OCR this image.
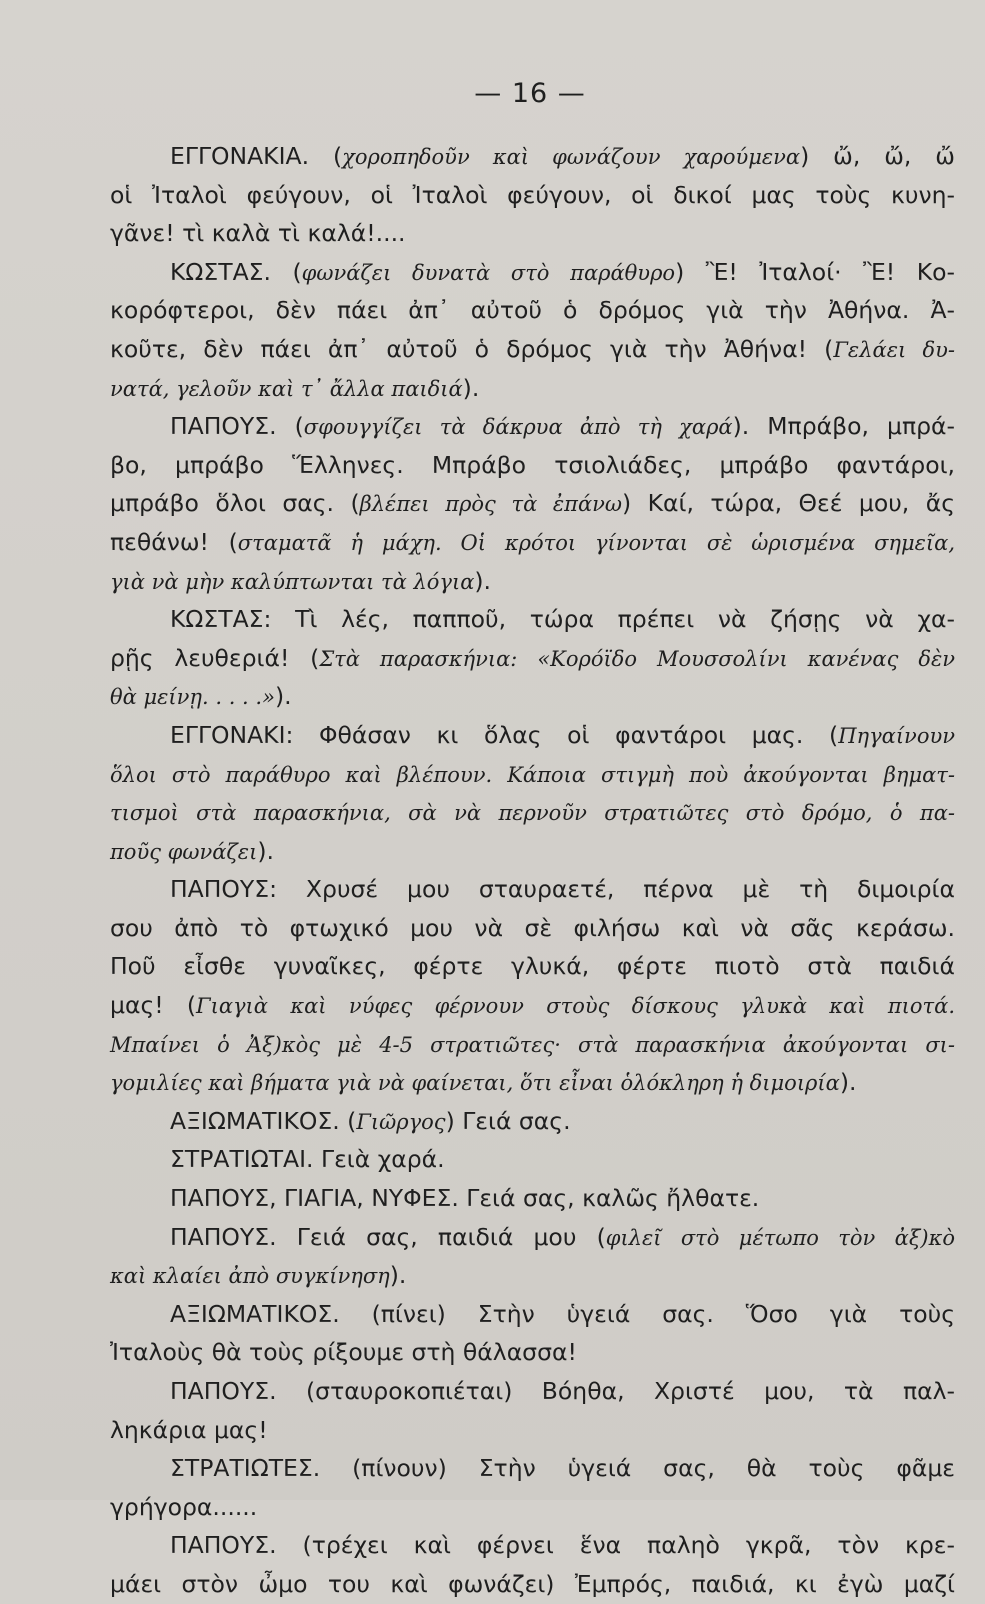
— 16 —
ΕΓΓΟΝΑΚΙΑ. (χοροπηδοῦν καὶ φωνάζουν χαρούμενα) ὤ, ὤ, ὤ
οἱ Ἰταλοὶ φεύγουν, οἱ Ἰταλοὶ φεύγουν, οἱ δικοί μας τοὺς κυνη-
γᾶνε! τὶ καλὰ τὶ καλά!....
ΚΩΣΤΑΣ. (φωνάζει δυνατὰ στὸ παράθυρο) Ἒ! Ἰταλοί· Ἒ! Κο-
κορόφτεροι, δὲν πάει ἀπ᾽ αὐτοῦ ὁ δρόμος γιὰ τὴν Ἀθήνα. Ἀ-
κοῦτε, δὲν πάει ἀπ᾽ αὐτοῦ ὁ δρόμος γιὰ τὴν Ἀθήνα! (Γελάει δυ-
νατά, γελοῦν καὶ τ᾽ ἄλλα παιδιά).
ΠΑΠΟΥΣ. (σφουγγίζει τὰ δάκρυα ἀπὸ τὴ χαρά). Μπράβο, μπρά-
βο, μπράβο Ἕλληνες. Μπράβο τσιολιάδες, μπράβο φαντάροι,
μπράβο ὅλοι σας. (βλέπει πρὸς τὰ ἐπάνω) Καί, τώρα, Θεέ μου, ἄς
πεθάνω! (σταματᾶ ἡ μάχη. Οἱ κρότοι γίνονται σὲ ὡρισμένα σημεῖα,
γιὰ νὰ μὴν καλύπτωνται τὰ λόγια).
ΚΩΣΤΑΣ: Τὶ λές, παπποῦ, τώρα πρέπει νὰ ζήσῃς νὰ χα-
ρῇς λευθεριά! (Στὰ παρασκήνια: «Κορόϊδο Μουσσολίνι κανένας δὲν
θὰ μείνῃ. . . . .»).
ΕΓΓΟΝΑΚΙ: Φθάσαν κι ὅλας οἱ φαντάροι μας. (Πηγαίνουν
ὅλοι στὸ παράθυρο καὶ βλέπουν. Κάποια στιγμὴ ποὺ ἀκούγονται βηματ-
τισμοὶ στὰ παρασκήνια, σὰ νὰ περνοῦν στρατιῶτες στὸ δρόμο, ὁ πα-
ποῦς φωνάζει).
ΠΑΠΟΥΣ: Χρυσέ μου σταυραετέ, πέρνα μὲ τὴ διμοιρία
σου ἀπὸ τὸ φτωχικό μου νὰ σὲ φιλήσω καὶ νὰ σᾶς κεράσω.
Ποῦ εἶσθε γυναῖκες, φέρτε γλυκά, φέρτε πιοτὸ στὰ παιδιά
μας! (Γιαγιὰ καὶ νύφες φέρνουν στοὺς δίσκους γλυκὰ καὶ πιοτά.
Μπαίνει ὁ Ἀξ)κὸς μὲ 4-5 στρατιῶτες· στὰ παρασκήνια ἀκούγονται σι-
γομιλίες καὶ βήματα γιὰ νὰ φαίνεται, ὅτι εἶναι ὁλόκληρη ἡ διμοιρία).
ΑΞΙΩΜΑΤΙΚΟΣ. (Γιῶργος) Γειά σας.
ΣΤΡΑΤΙΩΤΑΙ. Γειὰ χαρά.
ΠΑΠΟΥΣ, ΓΙΑΓΙΑ, ΝΥΦΕΣ. Γειά σας, καλῶς ἤλθατε.
ΠΑΠΟΥΣ. Γειά σας, παιδιά μου (φιλεῖ στὸ μέτωπο τὸν ἀξ)κὸ
καὶ κλαίει ἀπὸ συγκίνηση).
ΑΞΙΩΜΑΤΙΚΟΣ. (πίνει) Στὴν ὑγειά σας. Ὅσο γιὰ τοὺς
Ἰταλοὺς θὰ τοὺς ρίξουμε στὴ θάλασσα!
ΠΑΠΟΥΣ. (σταυροκοπιέται) Βόηθα, Χριστέ μου, τὰ παλ-
ληκάρια μας!
ΣΤΡΑΤΙΩΤΕΣ. (πίνουν) Στὴν ὑγειά σας, θὰ τοὺς φᾶμε
γρήγορα......
ΠΑΠΟΥΣ. (τρέχει καὶ φέρνει ἕνα παληὸ γκρᾶ, τὸν κρε-
μάει στὸν ὦμο του καὶ φωνάζει) Ἐμπρός, παιδιά, κι ἐγὼ μαζί
